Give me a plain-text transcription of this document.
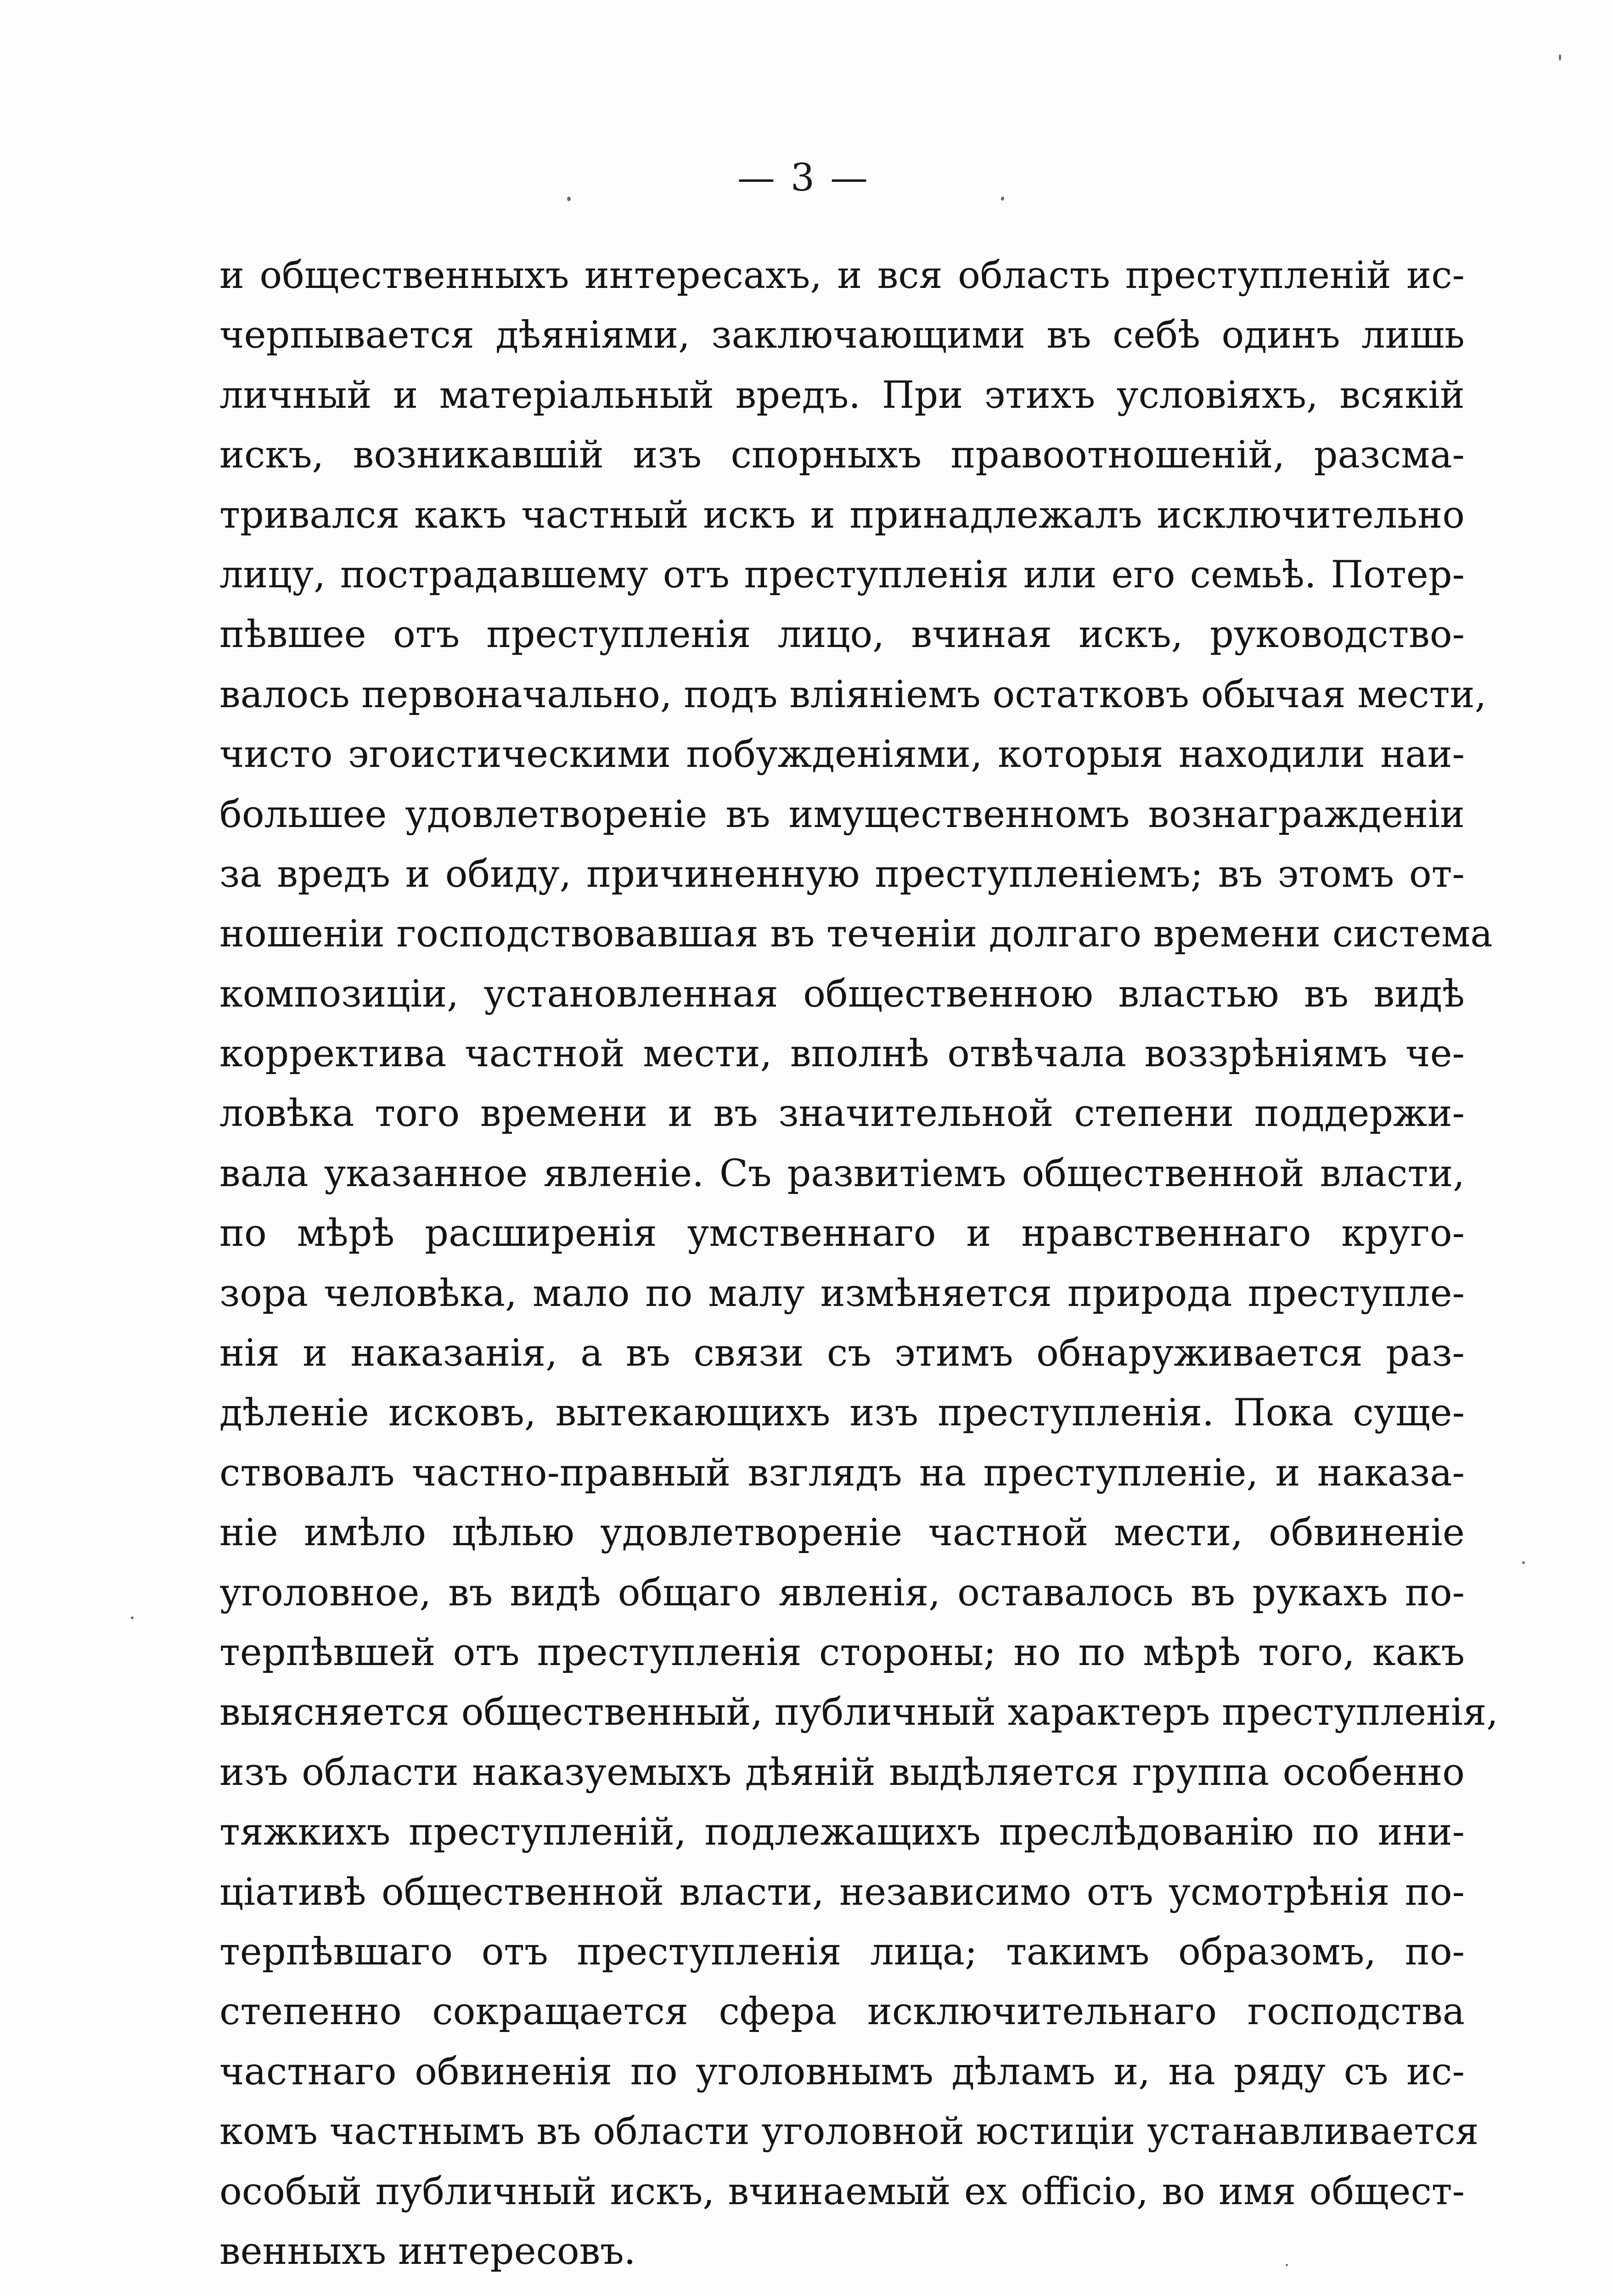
— 3 —
и общественныхъ интересахъ, и вся область преступленій ис-
черпывается дѣяніями, заключающими въ себѣ одинъ лишь
личный и матеріальный вредъ. При этихъ условіяхъ, всякій
искъ, возникавшій изъ спорныхъ правоотношеній, разсма-
тривался какъ частный искъ и принадлежалъ исключительно
лицу, пострадавшему отъ преступленія или его семьѣ. Потер-
пѣвшее отъ преступленія лицо, вчиная искъ, руководство-
валось первоначально, подъ вліяніемъ остатковъ обычая мести,
чисто эгоистическими побужденіями, которыя находили наи-
большее удовлетвореніе въ имущественномъ вознагражденіи
за вредъ и обиду, причиненную преступленіемъ; въ этомъ от-
ношеніи господствовавшая въ теченіи долгаго времени система
композиціи, установленная общественною властью въ видѣ
корректива частной мести, вполнѣ отвѣчала воззрѣніямъ че-
ловѣка того времени и въ значительной степени поддержи-
вала указанное явленіе. Съ развитіемъ общественной власти,
по мѣрѣ расширенія умственнаго и нравственнаго кругo-
зора человѣка, мало по малу измѣняется природа преступле-
нія и наказанія, а въ связи съ этимъ обнаруживается раз-
дѣленіе исковъ, вытекающихъ изъ преступленія. Пока суще-
ствовалъ частно-правный взглядъ на преступленіе, и наказа-
ніе имѣло цѣлью удовлетвореніе частной мести, обвиненіе
уголовное, въ видѣ общаго явленія, оставалось въ рукахъ по-
терпѣвшей отъ преступленія стороны; но по мѣрѣ того, какъ
выясняется общественный, публичный характеръ преступленія,
изъ области наказуемыхъ дѣяній выдѣляется группа особенно
тяжкихъ преступленій, подлежащихъ преслѣдованію по ини-
ціативѣ общественной власти, независимо отъ усмотрѣнія по-
терпѣвшаго отъ преступленія лица; такимъ образомъ, по-
степенно сокращается сфера исключительнаго господства
частнаго обвиненія по уголовнымъ дѣламъ и, на ряду съ ис-
комъ частнымъ въ области уголовной юстиціи устанавливается
особый публичный искъ, вчинаемый ex officio, во имя общест-
венныхъ интересовъ.
